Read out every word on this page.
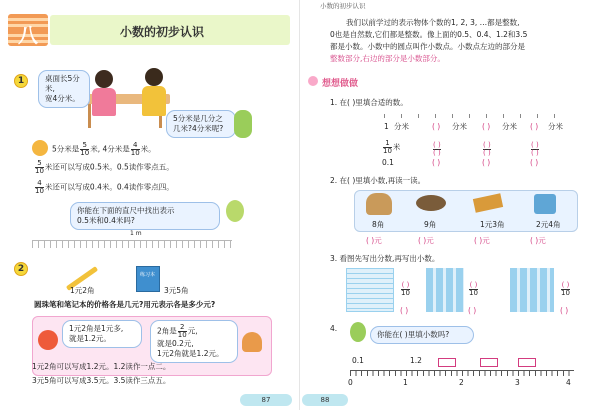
小数的初步认识
八	小数的初步认识
1	桌面长5分米,
宽4分米。
5分米是几分之
几米?4分米呢?
5分米是 $\frac{5}{10}$ 米, 4分米是 $\frac{4}{10}$ 米。
$\frac{5}{10}$ 米还可以写成0.5米。0.5读作零点五。
$\frac{4}{10}$ 米还可以写成0.4米。0.4读作零点四。
你能在下面的直尺中找出表示
0.5米和0.4米吗?
1 m
2
1元2角
练习本
3元5角
圆珠笔和笔记本的价格各是几元?用元表示各是多少元?
1元2角是1元多,
就是1.2元。
2角是 $\frac{2}{10}$ 元,
就是0.2元,
1元2角就是1.2元。
1元2角可以写成1.2元。1.2读作一点二。
3元5角可以写成3.5元。3.5读作三点五。
87
我们以前学过的表示物体个数的1, 2, 3, …都是整数,
0也是自然数,它们都是整数。像上面的0.5、0.4、1.2和3.5
都是小数。小数中的圆点叫作小数点。小数点左边的部分是
整数部分,右边的部分是小数部分。
想想做做
1. 在( )里填合适的数。
1 分米	( ) 分米 ( ) 分米 ( ) 分米
$\frac{1}{10}$ 米	$\frac{( )}{( )}$	$\frac{( )}{( )}$	$\frac{( )}{( )}$
0.1	( )	( )	( )
2. 在( )里填小数,再读一读。
8角	9角	1元3角	2元4角
( )元	( )元	( )元	( )元
3. 看图先写出分数,再写出小数。
$\frac{( )}{10}$
( )
$\frac{( )}{10}$
( )
$\frac{( )}{10}$
( )
4.
你能在( )里填小数吗?
0.1	1.2
0	1	2	3	4
88
